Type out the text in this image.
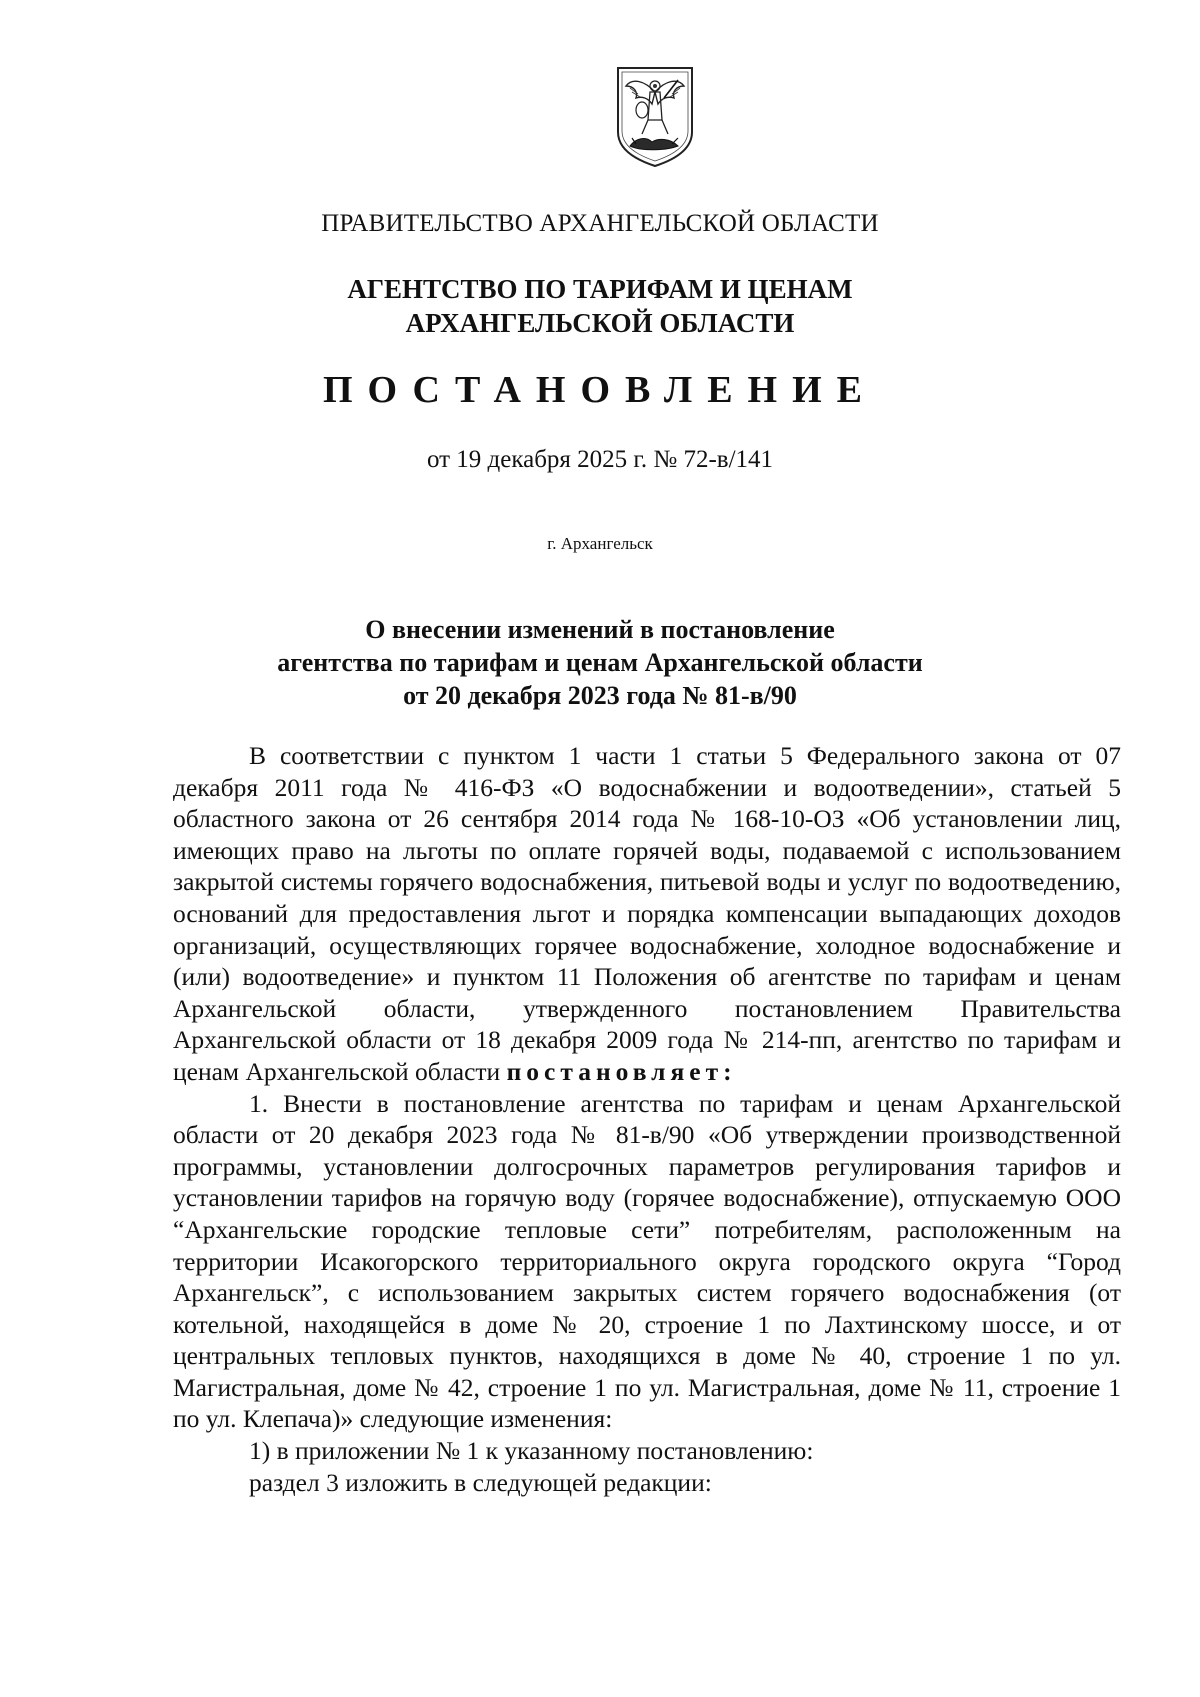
ПРАВИТЕЛЬСТВО АРХАНГЕЛЬСКОЙ ОБЛАСТИ
АГЕНТСТВО ПО ТАРИФАМ И ЦЕНАМ
АРХАНГЕЛЬСКОЙ ОБЛАСТИ
ПОСТАНОВЛЕНИЕ
от 19 декабря 2025 г. № 72-в/141
г. Архангельск
О внесении изменений в постановление
агентства по тарифам и ценам Архангельской области
от 20 декабря 2023 года № 81-в/90

В соответствии с пунктом 1 части 1 статьи 5 Федерального закона от 07 декабря 2011 года № 416-ФЗ «О водоснабжении и водоотведении», статьей 5 областного закона от 26 сентября 2014 года № 168-10-ОЗ «Об установлении лиц, имеющих право на льготы по оплате горячей воды, подаваемой с использованием закрытой системы горячего водоснабжения, питьевой воды и услуг по водоотведению, оснований для предоставления льгот и порядка компенсации выпадающих доходов организаций, осуществляющих горячее водоснабжение, холодное водоснабжение и (или) водоотведение» и пунктом 11 Положения об агентстве по тарифам и ценам Архангельской области, утвержденного постановлением Правительства Архангельской области от 18 декабря 2009 года № 214-пп, агентство по тарифам и ценам Архангельской области постановляет:

1. Внести в постановление агентства по тарифам и ценам Архангельской области от 20 декабря 2023 года № 81-в/90 «Об утверждении производственной программы, установлении долгосрочных параметров регулирования тарифов и установлении тарифов на горячую воду (горячее водоснабжение), отпускаемую ООО “Архангельские городские тепловые сети” потребителям, расположенным на территории Исакогорского территориального округа городского округа “Город Архангельск”, с использованием закрытых систем горячего водоснабжения (от котельной, находящейся в доме № 20, строение 1 по Лахтинскому шоссе, и от центральных тепловых пунктов, находящихся в доме № 40, строение 1 по ул. Магистральная, доме № 42, строение 1 по ул. Магистральная, доме № 11, строение 1 по ул. Клепача)» следующие изменения:

1) в приложении № 1 к указанному постановлению:

раздел 3 изложить в следующей редакции:
